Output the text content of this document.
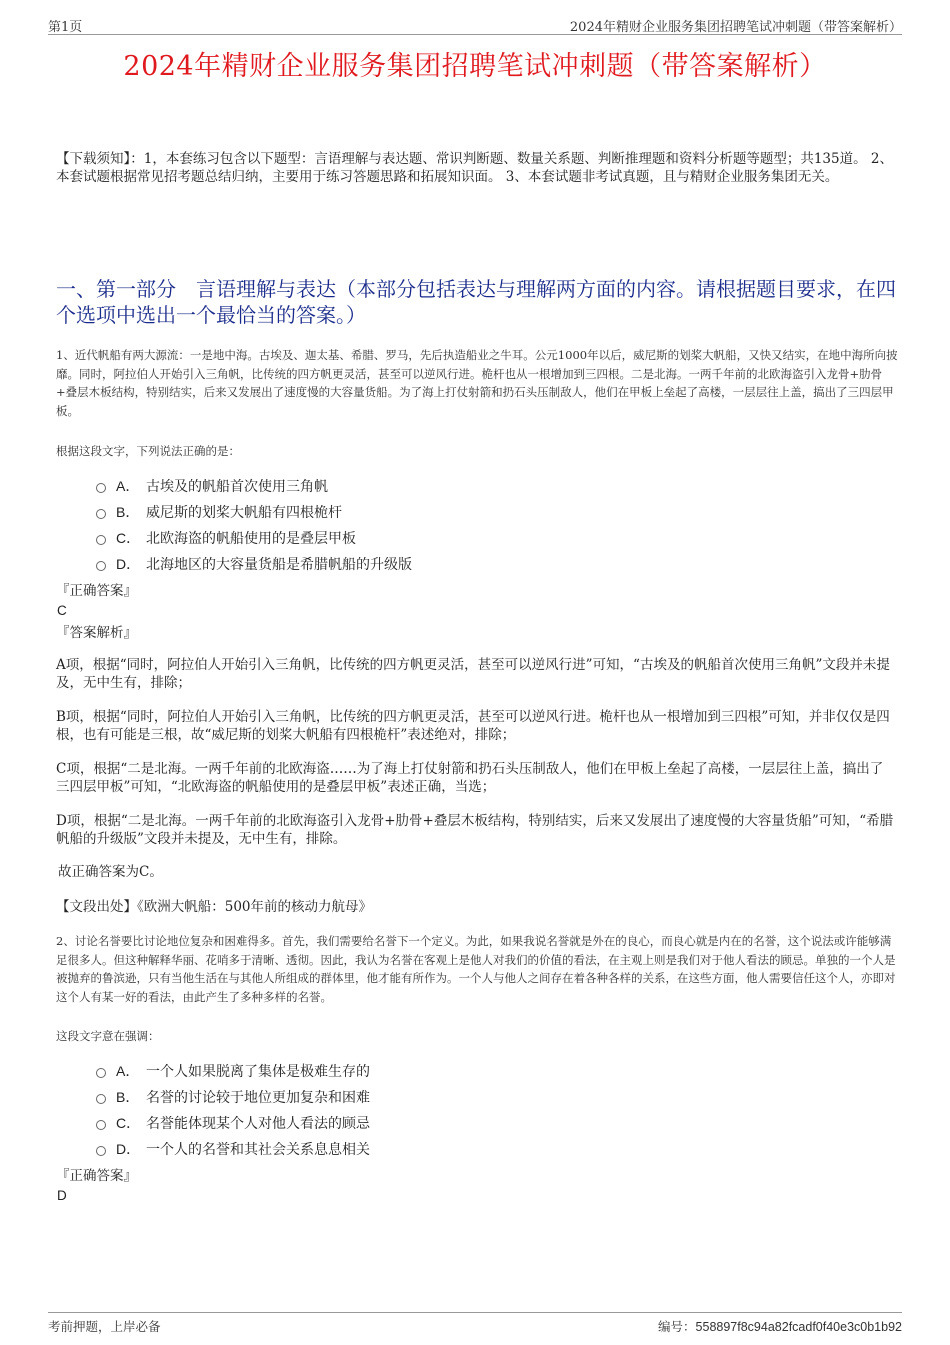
第1页	2024年精财企业服务集团招聘笔试冲刺题（带答案解析）
2024年精财企业服务集团招聘笔试冲刺题（带答案解析）
【下载须知】：1，本套练习包含以下题型：言语理解与表达题、常识判断题、数量关系题、判断推理题和资料分析题等题型；共135道。 2、本套试题根据常见招考题总结归纳，主要用于练习答题思路和拓展知识面。 3、本套试题非考试真题，且与精财企业服务集团无关。
一、第一部分　言语理解与表达（本部分包括表达与理解两方面的内容。请根据题目要求，在四个选项中选出一个最恰当的答案。）
1、近代帆船有两大源流：一是地中海。古埃及、迦太基、希腊、罗马，先后执造船业之牛耳。公元1000年以后，威尼斯的划桨大帆船，又快又结实，在地中海所向披靡。同时，阿拉伯人开始引入三角帆，比传统的四方帆更灵活，甚至可以逆风行进。桅杆也从一根增加到三四根。二是北海。一两千年前的北欧海盗引入龙骨+肋骨+叠层木板结构，特别结实，后来又发展出了速度慢的大容量货船。为了海上打仗射箭和扔石头压制敌人，他们在甲板上垒起了高楼，一层层往上盖，搞出了三四层甲板。
根据这段文字，下列说法正确的是：
A． 古埃及的帆船首次使用三角帆
B． 威尼斯的划桨大帆船有四根桅杆
C． 北欧海盗的帆船使用的是叠层甲板
D． 北海地区的大容量货船是希腊帆船的升级版
『正确答案』
C
『答案解析』
A项，根据“同时，阿拉伯人开始引入三角帆，比传统的四方帆更灵活，甚至可以逆风行进”可知，“古埃及的帆船首次使用三角帆”文段并未提及，无中生有，排除；
B项，根据“同时，阿拉伯人开始引入三角帆，比传统的四方帆更灵活，甚至可以逆风行进。桅杆也从一根增加到三四根”可知，并非仅仅是四根，也有可能是三根，故“威尼斯的划桨大帆船有四根桅杆”表述绝对，排除；
C项，根据“二是北海。一两千年前的北欧海盗……为了海上打仗射箭和扔石头压制敌人，他们在甲板上垒起了高楼，一层层往上盖，搞出了三四层甲板”可知，“北欧海盗的帆船使用的是叠层甲板”表述正确，当选；
D项，根据“二是北海。一两千年前的北欧海盗引入龙骨+肋骨+叠层木板结构，特别结实，后来又发展出了速度慢的大容量货船”可知，“希腊帆船的升级版”文段并未提及，无中生有，排除。
故正确答案为C。
【文段出处】《欧洲大帆船：500年前的核动力航母》
2、讨论名誉要比讨论地位复杂和困难得多。首先，我们需要给名誉下一个定义。为此，如果我说名誉就是外在的良心，而良心就是内在的名誉，这个说法或许能够满足很多人。但这种解释华丽、花哨多于清晰、透彻。因此，我认为名誉在客观上是他人对我们的价值的看法，在主观上则是我们对于他人看法的顾忌。单独的一个人是被抛弃的鲁滨逊，只有当他生活在与其他人所组成的群体里，他才能有所作为。一个人与他人之间存在着各种各样的关系，在这些方面，他人需要信任这个人，亦即对这个人有某一好的看法，由此产生了多种多样的名誉。
这段文字意在强调：
A． 一个人如果脱离了集体是极难生存的
B． 名誉的讨论较于地位更加复杂和困难
C． 名誉能体现某个人对他人看法的顾忌
D． 一个人的名誉和其社会关系息息相关
『正确答案』
D
考前押题，上岸必备	编号：558897f8c94a82fcadf0f40e3c0b1b92
